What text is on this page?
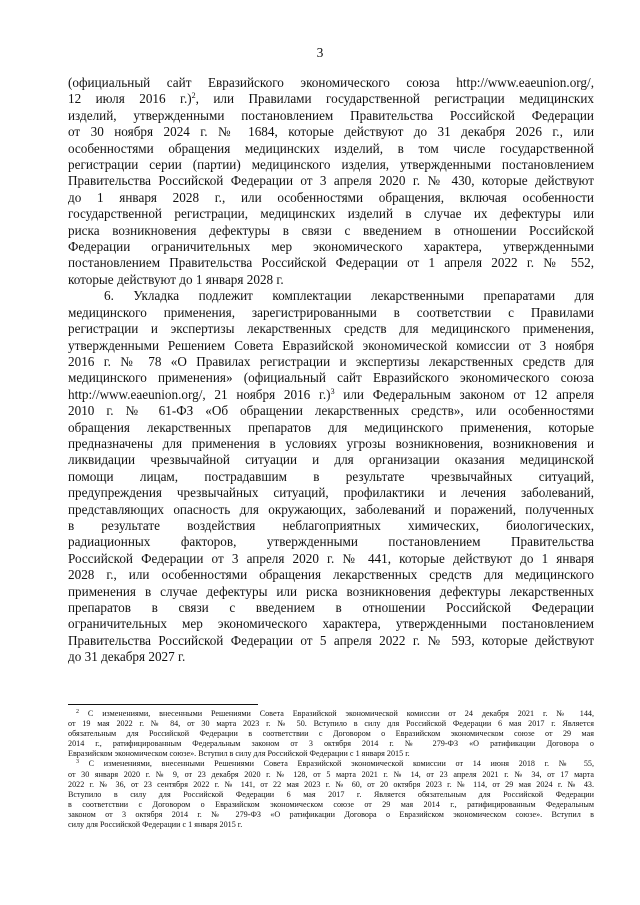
3
(официальный сайт Евразийского экономического союза http://www.eaeunion.org/,
12 июля 2016 г.)$^2$, или Правилами государственной регистрации медицинских
изделий, утвержденными постановлением Правительства Российской Федерации
от 30 ноября 2024 г. № 1684, которые действуют до 31 декабря 2026 г., или
особенностями обращения медицинских изделий, в том числе государственной
регистрации серии (партии) медицинского изделия, утвержденными постановлением
Правительства Российской Федерации от 3 апреля 2020 г. № 430, которые действуют
до 1 января 2028 г., или особенностями обращения, включая особенности
государственной регистрации, медицинских изделий в случае их дефектуры или
риска возникновения дефектуры в связи с введением в отношении Российской
Федерации ограничительных мер экономического характера, утвержденными
постановлением Правительства Российской Федерации от 1 апреля 2022 г. № 552,
которые действуют до 1 января 2028 г.
6. Укладка подлежит комплектации лекарственными препаратами для
медицинского применения, зарегистрированными в соответствии с Правилами
регистрации и экспертизы лекарственных средств для медицинского применения,
утвержденными Решением Совета Евразийской экономической комиссии от 3 ноября
2016 г. № 78 «О Правилах регистрации и экспертизы лекарственных средств для
медицинского применения» (официальный сайт Евразийского экономического союза
http://www.eaeunion.org/, 21 ноября 2016 г.)$^3$ или Федеральным законом от 12 апреля
2010 г. № 61-ФЗ «Об обращении лекарственных средств», или особенностями
обращения лекарственных препаратов для медицинского применения, которые
предназначены для применения в условиях угрозы возникновения, возникновения и
ликвидации чрезвычайной ситуации и для организации оказания медицинской
помощи лицам, пострадавшим в результате чрезвычайных ситуаций,
предупреждения чрезвычайных ситуаций, профилактики и лечения заболеваний,
представляющих опасность для окружающих, заболеваний и поражений, полученных
в результате воздействия неблагоприятных химических, биологических,
радиационных факторов, утвержденными постановлением Правительства
Российской Федерации от 3 апреля 2020 г. № 441, которые действуют до 1 января
2028 г., или особенностями обращения лекарственных средств для медицинского
применения в случае дефектуры или риска возникновения дефектуры лекарственных
препаратов в связи с введением в отношении Российской Федерации
ограничительных мер экономического характера, утвержденными постановлением
Правительства Российской Федерации от 5 апреля 2022 г. № 593, которые действуют
до 31 декабря 2027 г.
$^2$ С изменениями, внесенными Решениями Совета Евразийской экономической комиссии от 24 декабря 2021 г. № 144,
от 19 мая 2022 г. № 84, от 30 марта 2023 г. № 50. Вступило в силу для Российской Федерации 6 мая 2017 г. Является
обязательным для Российской Федерации в соответствии с Договором о Евразийском экономическом союзе от 29 мая
2014 г., ратифицированным Федеральным законом от 3 октября 2014 г. № 279-ФЗ «О ратификации Договора о
Евразийском экономическом союзе». Вступил в силу для Российской Федерации с 1 января 2015 г.
$^3$ С изменениями, внесенными Решениями Совета Евразийской экономической комиссии от 14 июня 2018 г. № 55,
от 30 января 2020 г. № 9, от 23 декабря 2020 г. № 128, от 5 марта 2021 г. № 14, от 23 апреля 2021 г. № 34, от 17 марта
2022 г. № 36, от 23 сентября 2022 г. № 141, от 22 мая 2023 г. № 60, от 20 октября 2023 г. № 114, от 29 мая 2024 г. № 43.
Вступило в силу для Российской Федерации 6 мая 2017 г. Является обязательным для Российской Федерации
в соответствии с Договором о Евразийском экономическом союзе от 29 мая 2014 г., ратифицированным Федеральным
законом от 3 октября 2014 г. № 279-ФЗ «О ратификации Договора о Евразийском экономическом союзе». Вступил в
силу для Российской Федерации с 1 января 2015 г.
